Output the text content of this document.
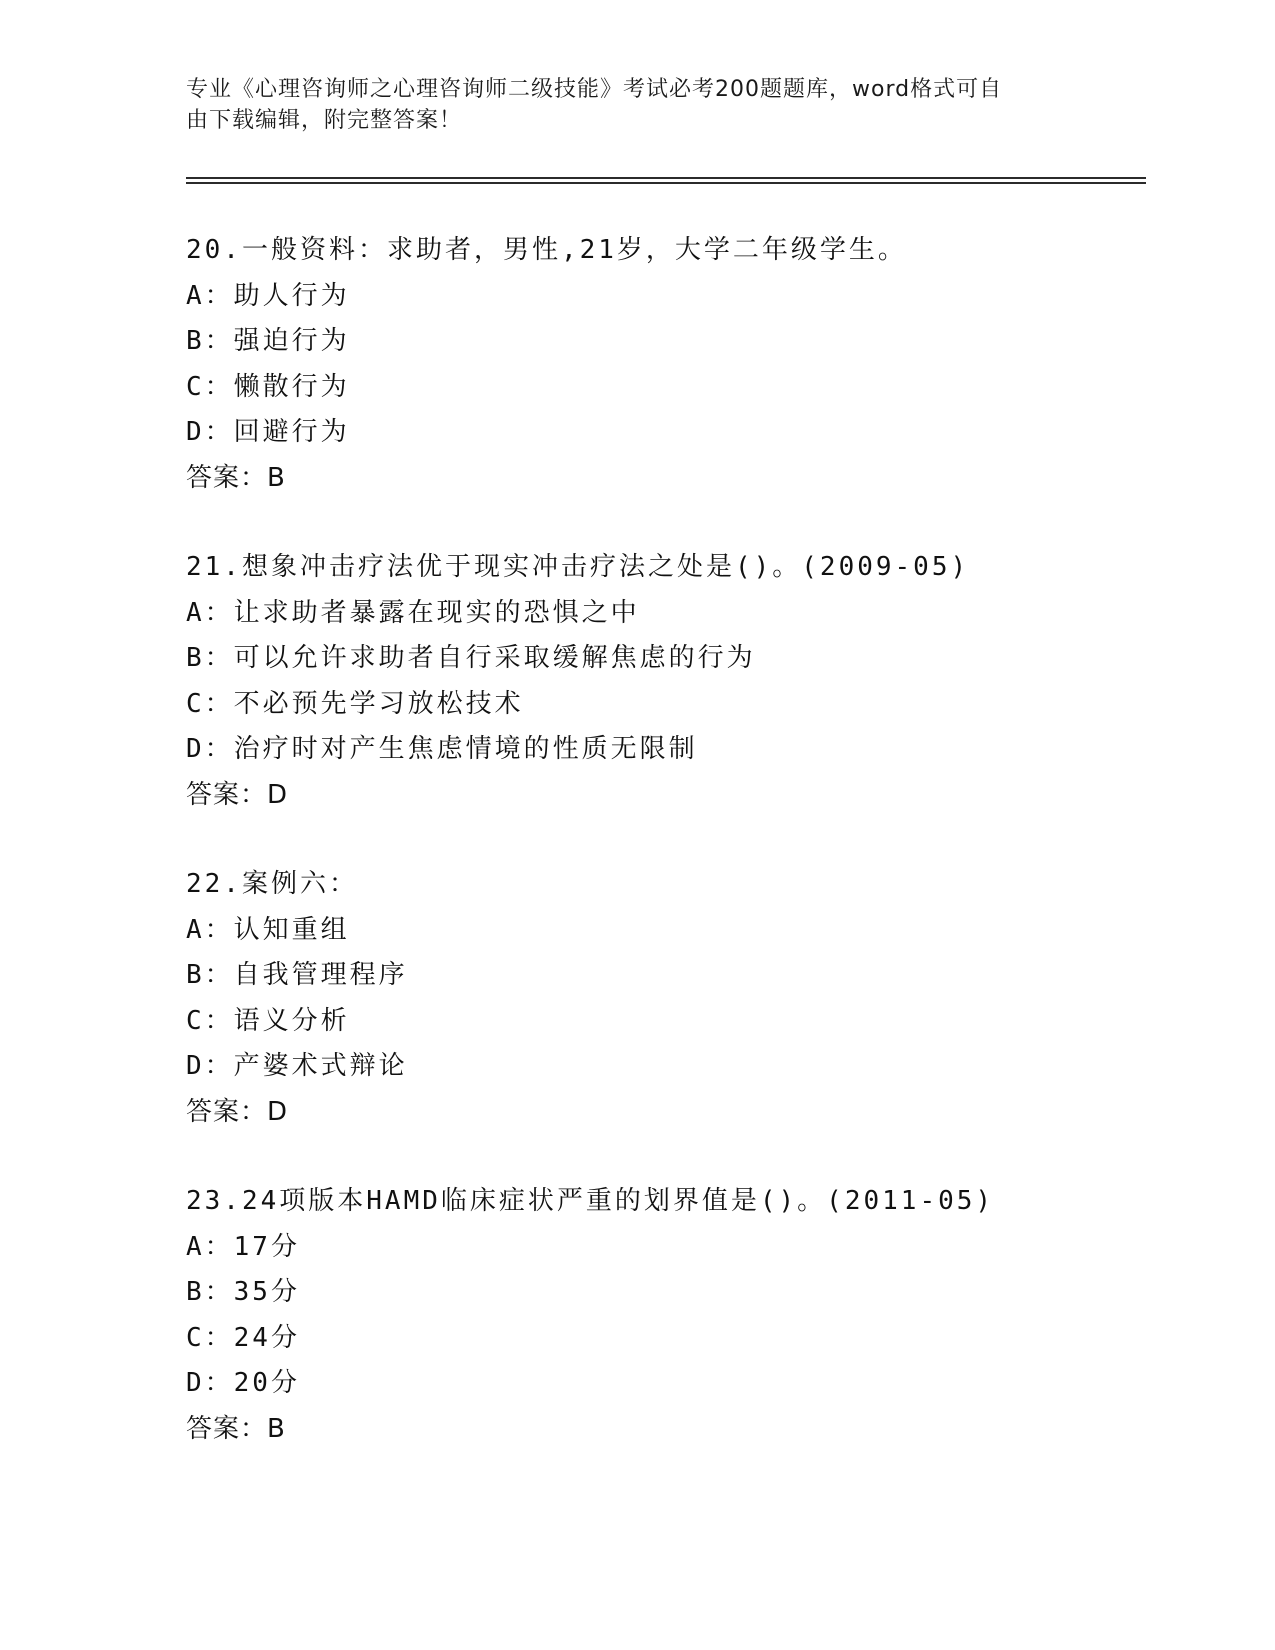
专业《心理咨询师之心理咨询师二级技能》考试必考200题题库，word格式可自
由下载编辑，附完整答案！
20.一般资料：求助者，男性,21岁，大学二年级学生。
A：助人行为
B：强迫行为
C：懒散行为
D：回避行为
答案：B
21.想象冲击疗法优于现实冲击疗法之处是()。(2009-05)
A：让求助者暴露在现实的恐惧之中
B：可以允许求助者自行采取缓解焦虑的行为
C：不必预先学习放松技术
D：治疗时对产生焦虑情境的性质无限制
答案：D
22.案例六：
A：认知重组
B：自我管理程序
C：语义分析
D：产婆术式辩论
答案：D
23.24项版本HAMD临床症状严重的划界值是()。(2011-05)
A：17分
B：35分
C：24分
D：20分
答案：B
